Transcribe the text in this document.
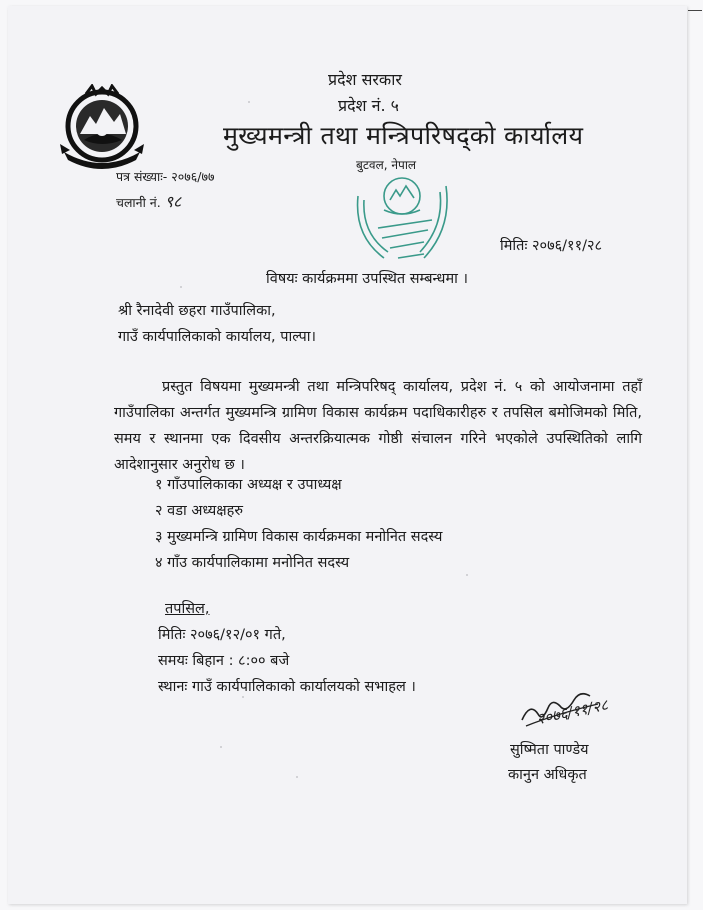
प्रदेश सरकार
प्रदेश नं. ५
मुख्यमन्त्री तथा मन्त्रिपरिषद्को कार्यालय
बुटवल, नेपाल
पत्र संख्याः- २०७६/७७
चलानी नं. ९८
मितिः २०७६/११/२८
विषयः कार्यक्रममा उपस्थित सम्बन्धमा ।
श्री रैनादेवी छहरा गाउँपालिका,
गाउँ कार्यपालिकाको कार्यालय, पाल्पा।
प्रस्तुत विषयमा मुख्यमन्त्री तथा मन्त्रिपरिषद् कार्यालय, प्रदेश नं. ५ को आयोजनामा तहाँ गाउँपालिका अन्तर्गत मुख्यमन्त्रि ग्रामिण विकास कार्यक्रम पदाधिकारीहरु र तपसिल बमोजिमको मिति, समय र स्थानमा एक दिवसीय अन्तरक्रियात्मक गोष्ठी संचालन गरिने भएकोले उपस्थितिको लागि आदेशानुसार अनुरोध छ ।
१ गाँउपालिकाका अध्यक्ष र उपाध्यक्ष
२ वडा अध्यक्षहरु
३ मुख्यमन्त्रि ग्रामिण विकास कार्यक्रमका मनोनित सदस्य
४ गाँउ कार्यपालिकामा मनोनित सदस्य
तपसिल,
मितिः २०७६/१२/०१ गते,
समयः बिहान : ८:०० बजे
स्थानः गाउँ कार्यपालिकाको कार्यालयको सभाहल ।
२०७६/११/२८
सुष्मिता पाण्डेय
कानुन अधिकृत
